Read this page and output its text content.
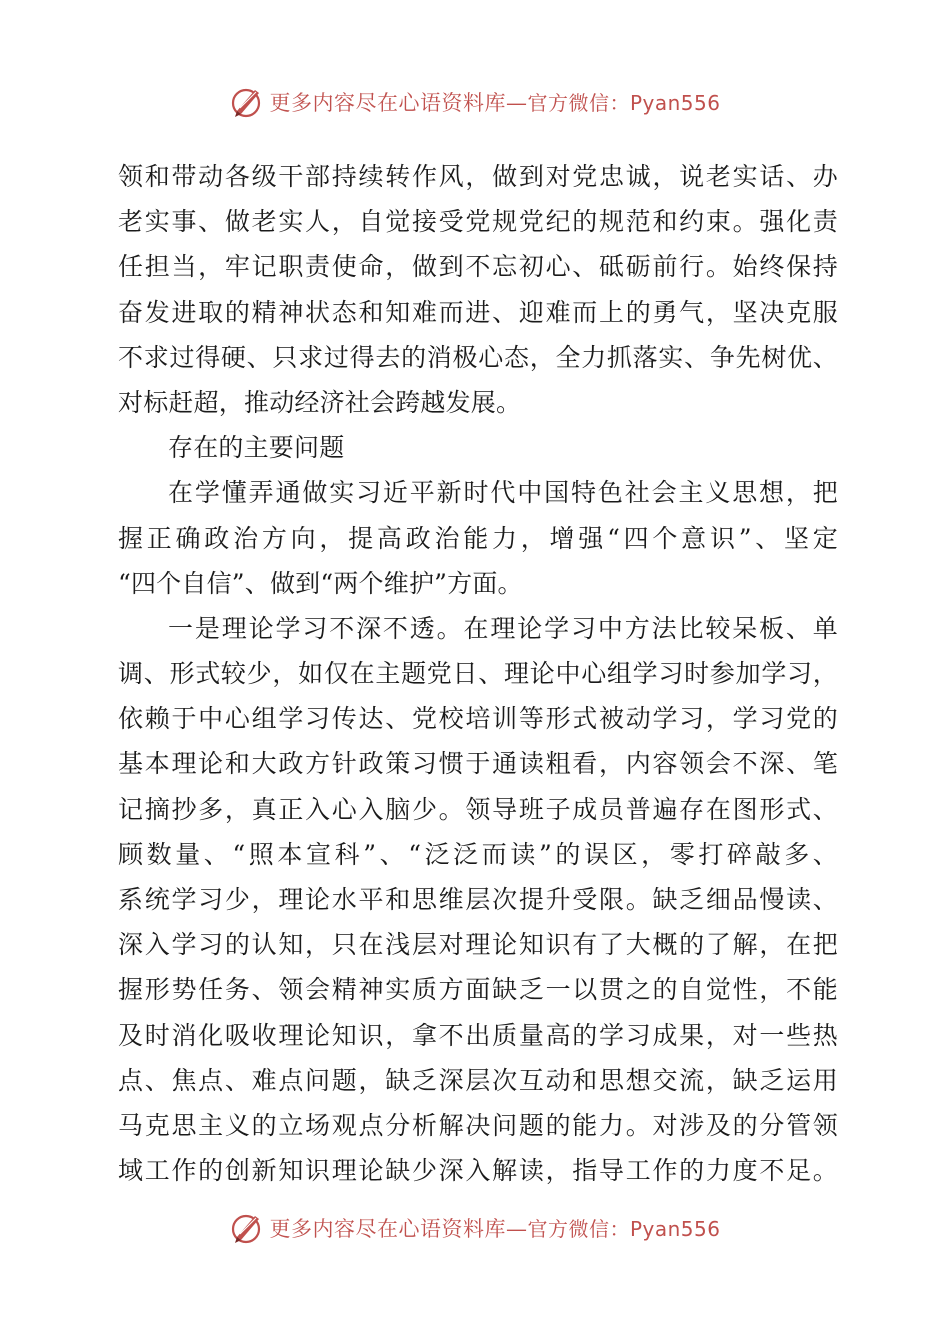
更多内容尽在心语资料库—官方微信：Pyan556
领和带动各级干部持续转作风，做到对党忠诚，说老实话、办
老实事、做老实人，自觉接受党规党纪的规范和约束。强化责
任担当，牢记职责使命，做到不忘初心、砥砺前行。始终保持
奋发进取的精神状态和知难而进、迎难而上的勇气，坚决克服
不求过得硬、只求过得去的消极心态，全力抓落实、争先树优、
对标赶超，推动经济社会跨越发展。
存在的主要问题
在学懂弄通做实习近平新时代中国特色社会主义思想，把
握正确政治方向，提高政治能力，增强“四个意识”、坚定
“四个自信”、做到“两个维护”方面。
一是理论学习不深不透。在理论学习中方法比较呆板、单
调、形式较少，如仅在主题党日、理论中心组学习时参加学习，
依赖于中心组学习传达、党校培训等形式被动学习，学习党的
基本理论和大政方针政策习惯于通读粗看，内容领会不深、笔
记摘抄多，真正入心入脑少。领导班子成员普遍存在图形式、
顾数量、“照本宣科”、“泛泛而读”的误区，零打碎敲多、
系统学习少，理论水平和思维层次提升受限。缺乏细品慢读、
深入学习的认知，只在浅层对理论知识有了大概的了解，在把
握形势任务、领会精神实质方面缺乏一以贯之的自觉性，不能
及时消化吸收理论知识，拿不出质量高的学习成果，对一些热
点、焦点、难点问题，缺乏深层次互动和思想交流，缺乏运用
马克思主义的立场观点分析解决问题的能力。对涉及的分管领
域工作的创新知识理论缺少深入解读，指导工作的力度不足。
更多内容尽在心语资料库—官方微信：Pyan556
